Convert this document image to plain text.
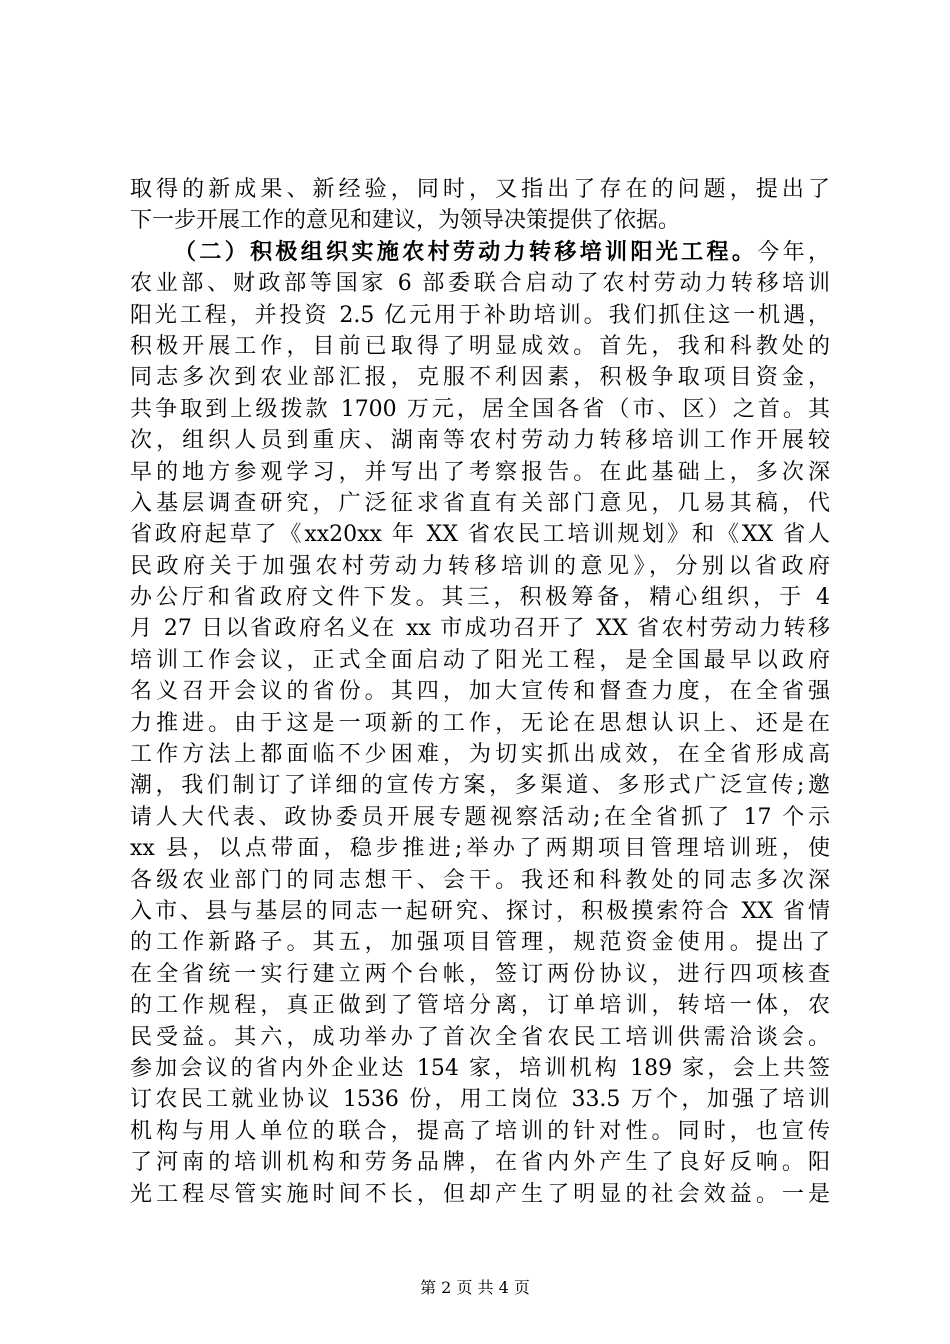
取得的新成果、新经验，同时，又指出了存在的问题，提出了
下一步开展工作的意见和建议，为领导决策提供了依据。
（二）积极组织实施农村劳动力转移培训阳光工程。今年，
农业部、财政部等国家 6 部委联合启动了农村劳动力转移培训
阳光工程，并投资 2.5 亿元用于补助培训。我们抓住这一机遇，
积极开展工作，目前已取得了明显成效。首先，我和科教处的
同志多次到农业部汇报，克服不利因素，积极争取项目资金，
共争取到上级拨款 1700 万元，居全国各省（市、区）之首。其
次，组织人员到重庆、湖南等农村劳动力转移培训工作开展较
早的地方参观学习，并写出了考察报告。在此基础上，多次深
入基层调查研究，广泛征求省直有关部门意见，几易其稿，代
省政府起草了《xx20xx 年 XX 省农民工培训规划》和《XX 省人
民政府关于加强农村劳动力转移培训的意见》，分别以省政府
办公厅和省政府文件下发。其三，积极筹备，精心组织，于 4
月 27 日以省政府名义在 xx 市成功召开了 XX 省农村劳动力转移
培训工作会议，正式全面启动了阳光工程，是全国最早以政府
名义召开会议的省份。其四，加大宣传和督查力度，在全省强
力推进。由于这是一项新的工作，无论在思想认识上、还是在
工作方法上都面临不少困难，为切实抓出成效，在全省形成高
潮，我们制订了详细的宣传方案，多渠道、多形式广泛宣传;邀
请人大代表、政协委员开展专题视察活动;在全省抓了 17 个示
xx 县，以点带面，稳步推进;举办了两期项目管理培训班，使
各级农业部门的同志想干、会干。我还和科教处的同志多次深
入市、县与基层的同志一起研究、探讨，积极摸索符合 XX 省情
的工作新路子。其五，加强项目管理，规范资金使用。提出了
在全省统一实行建立两个台帐，签订两份协议，进行四项核查
的工作规程，真正做到了管培分离，订单培训，转培一体，农
民受益。其六，成功举办了首次全省农民工培训供需洽谈会。
参加会议的省内外企业达 154 家，培训机构 189 家，会上共签
订农民工就业协议 1536 份，用工岗位 33.5 万个，加强了培训
机构与用人单位的联合，提高了培训的针对性。同时，也宣传
了河南的培训机构和劳务品牌，在省内外产生了良好反响。阳
光工程尽管实施时间不长，但却产生了明显的社会效益。一是
第 2 页 共 4 页
